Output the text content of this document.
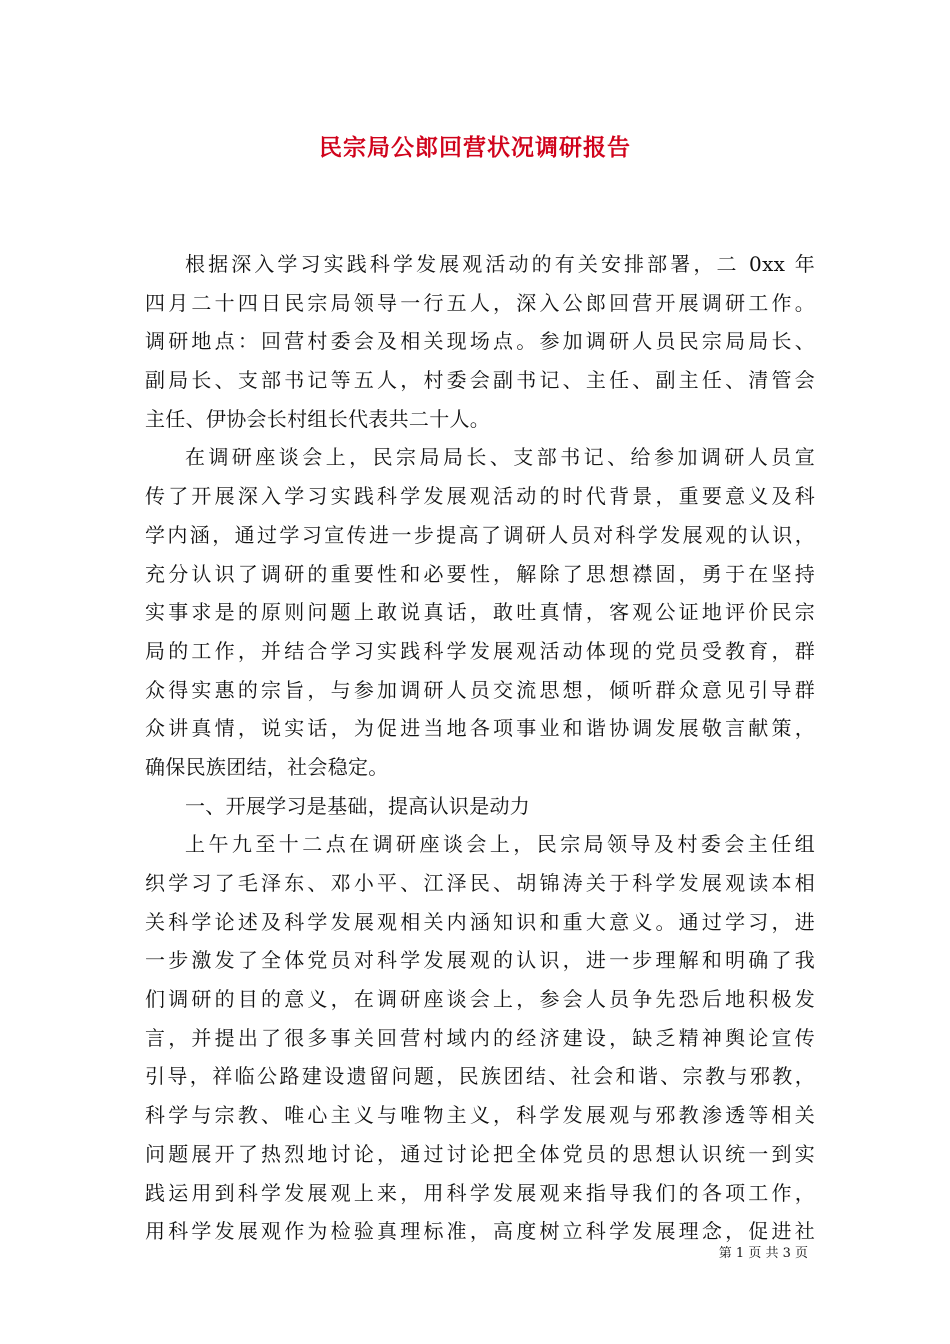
民宗局公郎回营状况调研报告
根据深入学习实践科学发展观活动的有关安排部署，二 0xx 年
四月二十四日民宗局领导一行五人，深入公郎回营开展调研工作。
调研地点：回营村委会及相关现场点。参加调研人员民宗局局长、
副局长、支部书记等五人，村委会副书记、主任、副主任、清管会
主任、伊协会长村组长代表共二十人。
在调研座谈会上，民宗局局长、支部书记、给参加调研人员宣
传了开展深入学习实践科学发展观活动的时代背景，重要意义及科
学内涵，通过学习宣传进一步提高了调研人员对科学发展观的认识，
充分认识了调研的重要性和必要性，解除了思想襟固，勇于在坚持
实事求是的原则问题上敢说真话，敢吐真情，客观公证地评价民宗
局的工作，并结合学习实践科学发展观活动体现的党员受教育，群
众得实惠的宗旨，与参加调研人员交流思想，倾听群众意见引导群
众讲真情，说实话，为促进当地各项事业和谐协调发展敬言献策，
确保民族团结，社会稳定。
一、开展学习是基础，提高认识是动力
上午九至十二点在调研座谈会上，民宗局领导及村委会主任组
织学习了毛泽东、邓小平、江泽民、胡锦涛关于科学发展观读本相
关科学论述及科学发展观相关内涵知识和重大意义。通过学习，进
一步激发了全体党员对科学发展观的认识，进一步理解和明确了我
们调研的目的意义，在调研座谈会上，参会人员争先恐后地积极发
言，并提出了很多事关回营村域内的经济建设，缺乏精神舆论宣传
引导，祥临公路建设遗留问题，民族团结、社会和谐、宗教与邪教，
科学与宗教、唯心主义与唯物主义，科学发展观与邪教渗透等相关
问题展开了热烈地讨论，通过讨论把全体党员的思想认识统一到实
践运用到科学发展观上来，用科学发展观来指导我们的各项工作，
用科学发展观作为检验真理标准，高度树立科学发展理念，促进社
第 1 页 共 3 页
